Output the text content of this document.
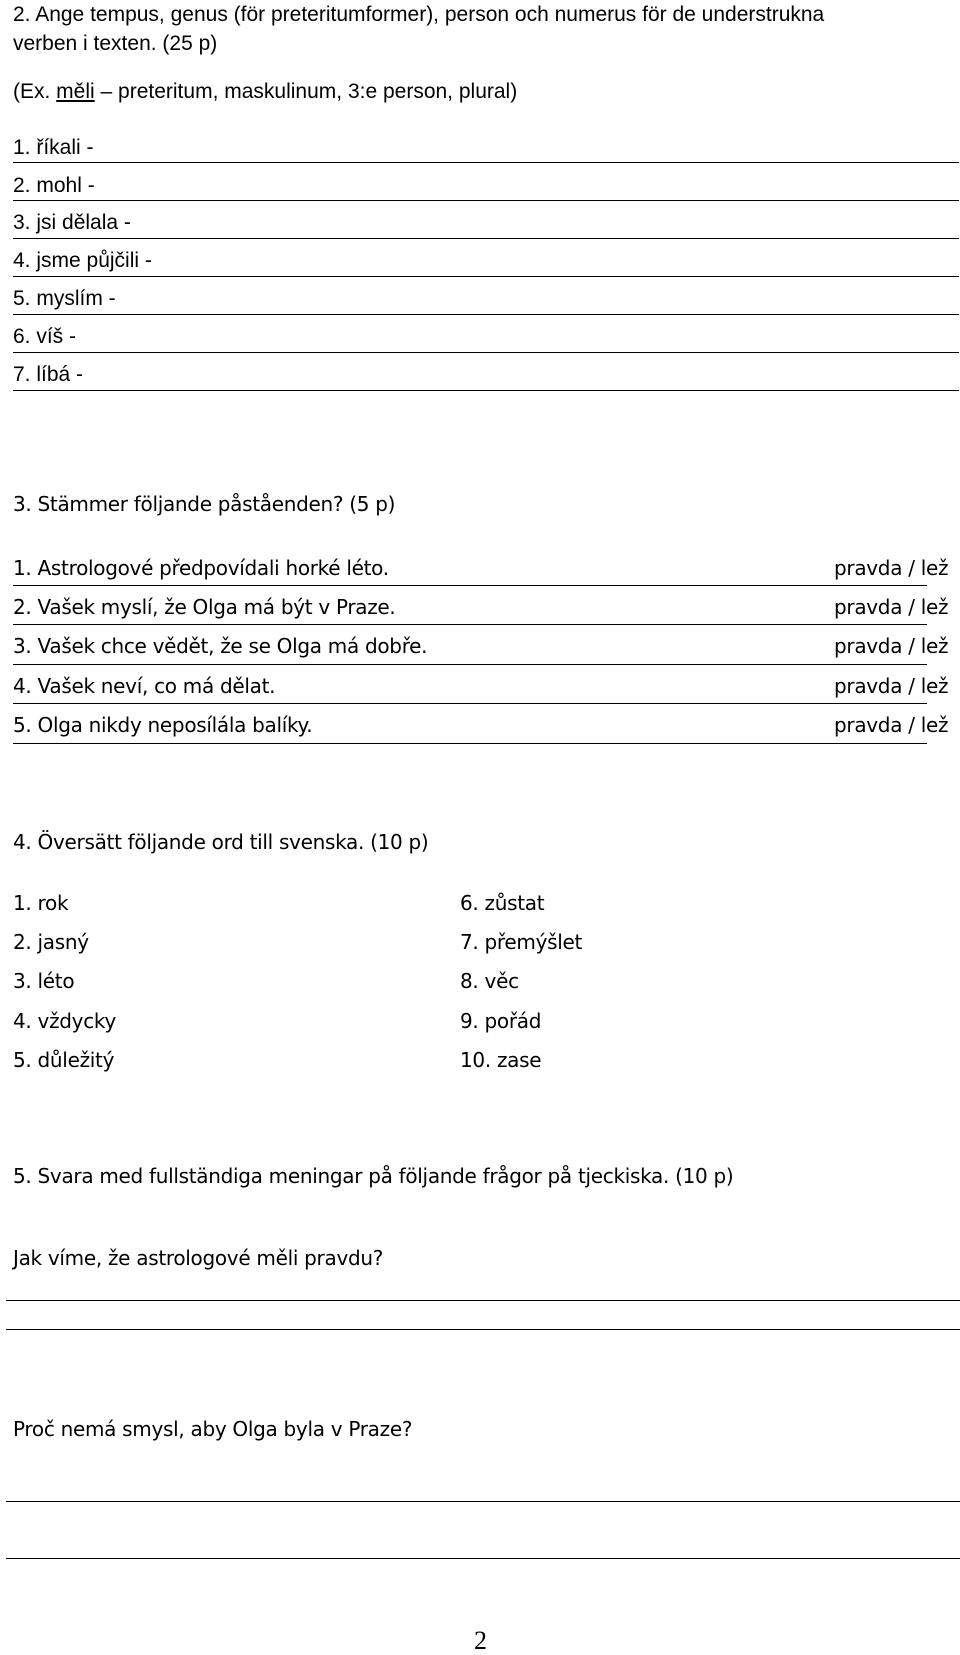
2. Ange tempus, genus (för preteritumformer), person och numerus för de understrukna
verben i texten. (25 p)
(Ex. měli – preteritum, maskulinum, 3:e person, plural)
1. říkali -
2. mohl -
3. jsi dělala -
4. jsme půjčili -
5. myslím -
6. víš -
7. líbá -
3. Stämmer följande påståenden? (5 p)
1. Astrologové předpovídali horké léto.	pravda / lež
2. Vašek myslí, že Olga má být v Praze.	pravda / lež
3. Vašek chce vědět, že se Olga má dobře.	pravda / lež
4. Vašek neví, co má dělat.	pravda / lež
5. Olga nikdy neposílála balíky.	pravda / lež
4. Översätt följande ord till svenska. (10 p)
1. rok	6. zůstat
2. jasný	7. přemýšlet
3. léto	8. věc
4. vždycky	9. pořád
5. důležitý	10. zase
5. Svara med fullständiga meningar på följande frågor på tjeckiska. (10 p)
Jak víme, že astrologové měli pravdu?
Proč nemá smysl, aby Olga byla v Praze?
2
